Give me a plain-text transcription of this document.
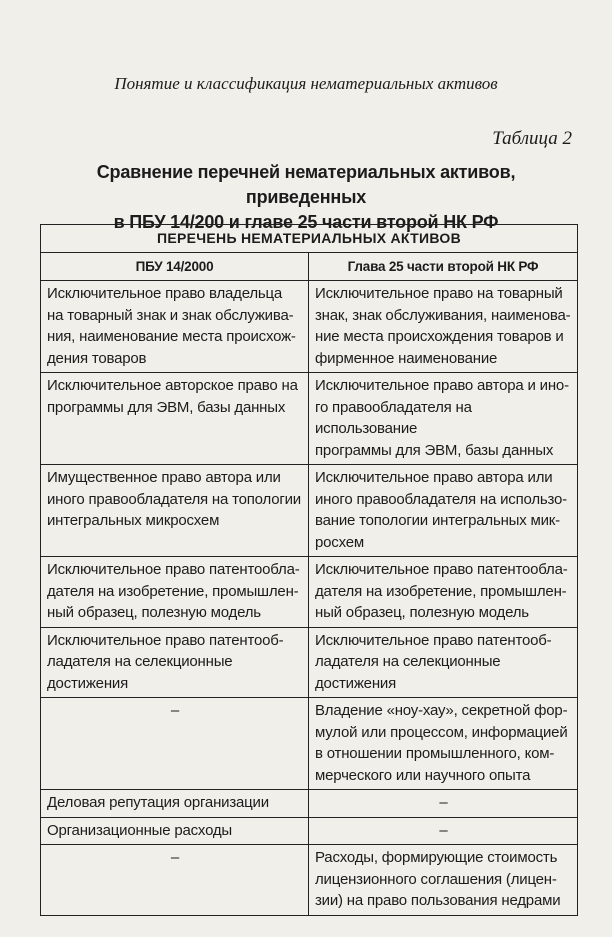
Понятие и классификация нематериальных активов
Таблица 2
Сравнение перечней нематериальных активов, приведенных
в ПБУ 14/200 и главе 25 части второй НК РФ
ПЕРЕЧЕНЬ НЕМАТЕРИАЛЬНЫХ АКТИВОВ	
ПБУ 14/2000	Глава 25 части второй НК РФ

Исключительное право владельца
на товарный знак и знак обслужива-
ния, наименование места происхож-
дения товаров	Исключительное право на товарный
знак, знак обслуживания, наименова-
ние места происхождения товаров и
фирменное наименование

Исключительное авторское право на
программы для ЭВМ, базы данных	Исключительное право автора и ино-
го правообладателя на использование
программы для ЭВМ, базы данных

Имущественное право автора или
иного правообладателя на топологии
интегральных микросхем	Исключительное право автора или
иного правообладателя на использо-
вание топологии интегральных мик-
росхем

Исключительное право патентообла-
дателя на изобретение, промышлен-
ный образец, полезную модель	Исключительное право патентообла-
дателя на изобретение, промышлен-
ный образец, полезную модель

Исключительное право патентооб-
ладателя на селекционные достижения	Исключительное право патентооб-
ладателя на селекционные достижения

–	Владение «ноу-хау», секретной фор-
мулой или процессом, информацией
в отношении промышленного, ком-
мерческого или научного опыта

Деловая репутация организации	–

Организационные расходы	–

–	Расходы, формирующие стоимость
лицензионного соглашения (лицен-
зии) на право пользования недрами
